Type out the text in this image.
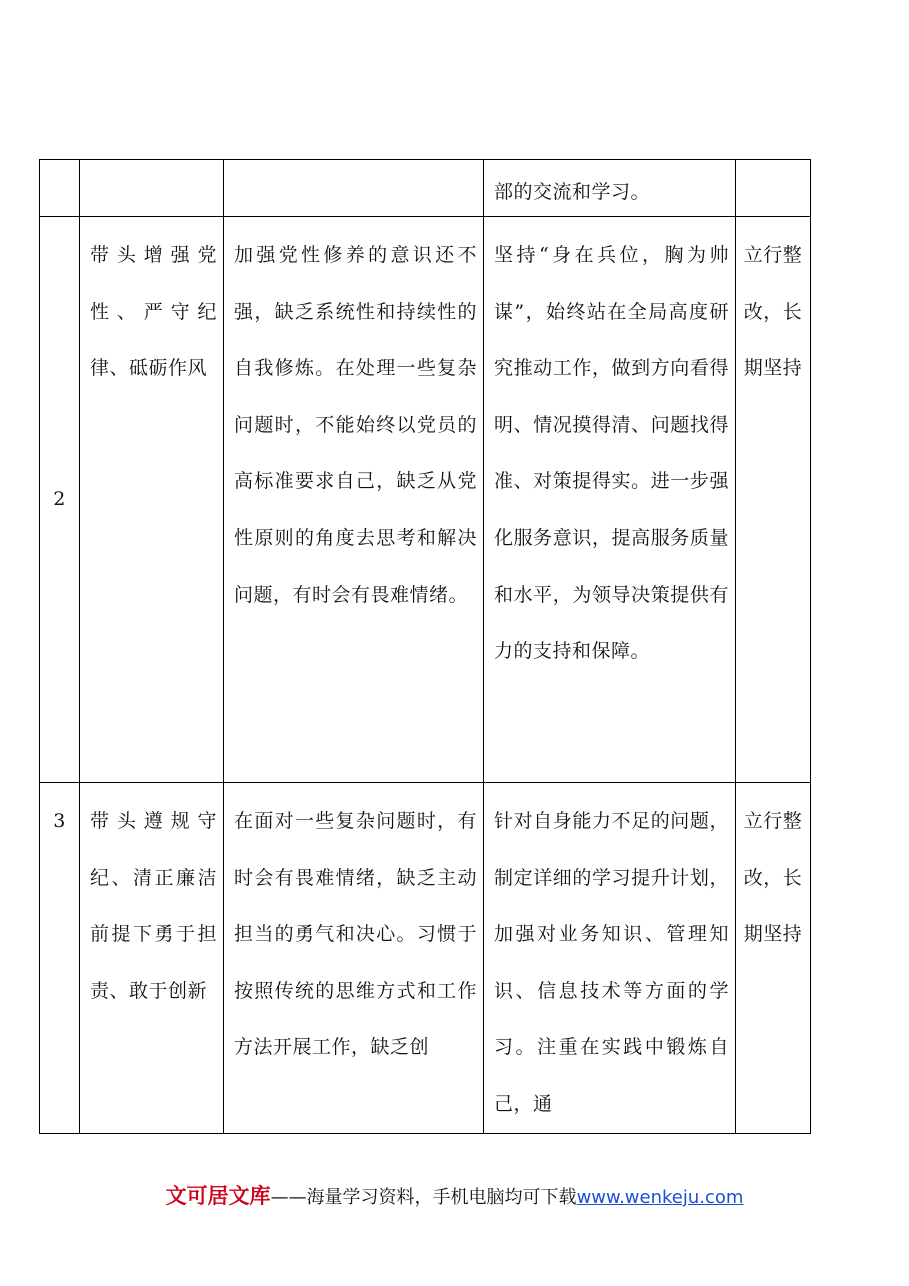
			部的交流和学习。	

2	带头增强党性、严守纪律、砥砺作风	加强党性修养的意识还不强，缺乏系统性和持续性的自我修炼。在处理一些复杂问题时，不能始终以党员的高标准要求自己，缺乏从党性原则的角度去思考和解决问题，有时会有畏难情绪。	坚持“身在兵位，胸为帅谋”，始终站在全局高度研究推动工作，做到方向看得明、情况摸得清、问题找得准、对策提得实。进一步强化服务意识，提高服务质量和水平，为领导决策提供有力的支持和保障。	立行整改，长期坚持

3	带头遵规守纪、清正廉洁前提下勇于担责、敢于创新	在面对一些复杂问题时，有时会有畏难情绪，缺乏主动担当的勇气和决心。习惯于按照传统的思维方式和工作方法开展工作，缺乏创	针对自身能力不足的问题，制定详细的学习提升计划，加强对业务知识、管理知识、信息技术等方面的学习。注重在实践中锻炼自己，通	立行整改，长期坚持
文可居文库——海量学习资料，手机电脑均可下载www.wenkeju.com
